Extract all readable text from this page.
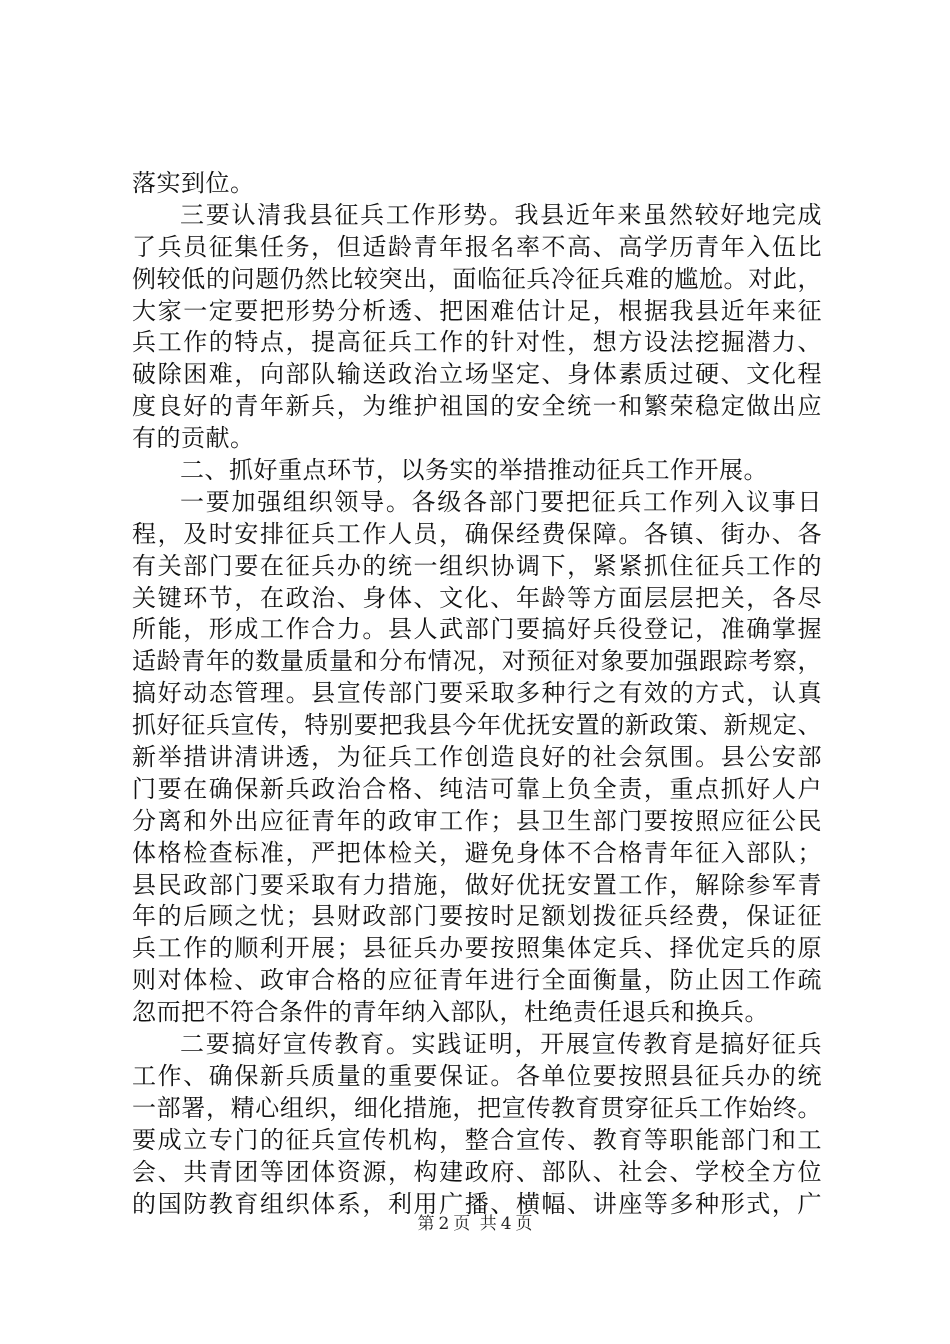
落实到位。
三要认清我县征兵工作形势。我县近年来虽然较好地完成
了兵员征集任务，但适龄青年报名率不高、高学历青年入伍比
例较低的问题仍然比较突出，面临征兵冷征兵难的尴尬。对此，
大家一定要把形势分析透、把困难估计足，根据我县近年来征
兵工作的特点，提高征兵工作的针对性，想方设法挖掘潜力、
破除困难，向部队输送政治立场坚定、身体素质过硬、文化程
度良好的青年新兵，为维护祖国的安全统一和繁荣稳定做出应
有的贡献。
二、抓好重点环节，以务实的举措推动征兵工作开展。
一要加强组织领导。各级各部门要把征兵工作列入议事日
程，及时安排征兵工作人员，确保经费保障。各镇、街办、各
有关部门要在征兵办的统一组织协调下，紧紧抓住征兵工作的
关键环节，在政治、身体、文化、年龄等方面层层把关，各尽
所能，形成工作合力。县人武部门要搞好兵役登记，准确掌握
适龄青年的数量质量和分布情况，对预征对象要加强跟踪考察，
搞好动态管理。县宣传部门要采取多种行之有效的方式，认真
抓好征兵宣传，特别要把我县今年优抚安置的新政策、新规定、
新举措讲清讲透，为征兵工作创造良好的社会氛围。县公安部
门要在确保新兵政治合格、纯洁可靠上负全责，重点抓好人户
分离和外出应征青年的政审工作；县卫生部门要按照应征公民
体格检查标准，严把体检关，避免身体不合格青年征入部队；
县民政部门要采取有力措施，做好优抚安置工作，解除参军青
年的后顾之忧；县财政部门要按时足额划拨征兵经费，保证征
兵工作的顺利开展；县征兵办要按照集体定兵、择优定兵的原
则对体检、政审合格的应征青年进行全面衡量，防止因工作疏
忽而把不符合条件的青年纳入部队，杜绝责任退兵和换兵。
二要搞好宣传教育。实践证明，开展宣传教育是搞好征兵
工作、确保新兵质量的重要保证。各单位要按照县征兵办的统
一部署，精心组织，细化措施，把宣传教育贯穿征兵工作始终。
要成立专门的征兵宣传机构，整合宣传、教育等职能部门和工
会、共青团等团体资源，构建政府、部队、社会、学校全方位
的国防教育组织体系，利用广播、横幅、讲座等多种形式，广
第 2 页 共 4 页
